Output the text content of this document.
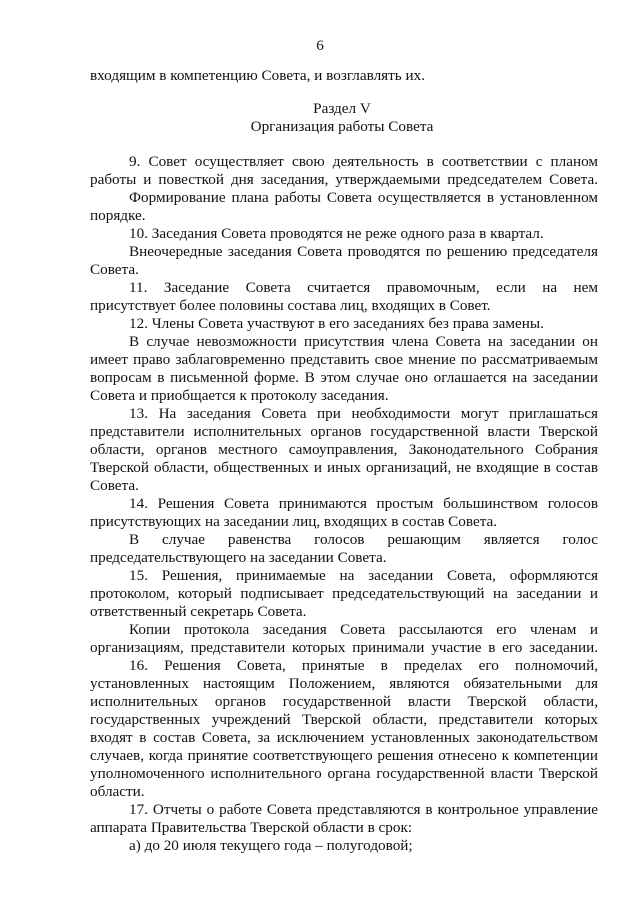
6
входящим в компетенцию Совета, и возглавлять их.
Раздел V
Организация работы Совета
9. Совет осуществляет свою деятельность в соответствии с планом
работы и повесткой дня заседания, утверждаемыми председателем Совета.
Формирование плана работы Совета осуществляется в установленном
порядке.
10. Заседания Совета проводятся не реже одного раза в квартал.
Внеочередные заседания Совета проводятся по решению председателя
Совета.
11. Заседание Совета считается правомочным, если на нем
присутствует более половины состава лиц, входящих в Совет.
12. Члены Совета участвуют в его заседаниях без права замены.
В случае невозможности присутствия члена Совета на заседании он
имеет право заблаговременно представить свое мнение по рассматриваемым
вопросам в письменной форме. В этом случае оно оглашается на заседании
Совета и приобщается к протоколу заседания.
13. На заседания Совета при необходимости могут приглашаться
представители исполнительных органов государственной власти Тверской
области, органов местного самоуправления, Законодательного Собрания
Тверской области, общественных и иных организаций, не входящие в состав
Совета.
14. Решения Совета принимаются простым большинством голосов
присутствующих на заседании лиц, входящих в состав Совета.
В случае равенства голосов решающим является голос
председательствующего на заседании Совета.
15. Решения, принимаемые на заседании Совета, оформляются
протоколом, который подписывает председательствующий на заседании и
ответственный секретарь Совета.
Копии протокола заседания Совета рассылаются его членам и
организациям, представители которых принимали участие в его заседании.
16. Решения Совета, принятые в пределах его полномочий,
установленных настоящим Положением, являются обязательными для
исполнительных органов государственной власти Тверской области,
государственных учреждений Тверской области, представители которых
входят в состав Совета, за исключением установленных законодательством
случаев, когда принятие соответствующего решения отнесено к компетенции
уполномоченного исполнительного органа государственной власти Тверской
области.
17. Отчеты о работе Совета представляются в контрольное управление
аппарата Правительства Тверской области в срок:
а) до 20 июля текущего года – полугодовой;
